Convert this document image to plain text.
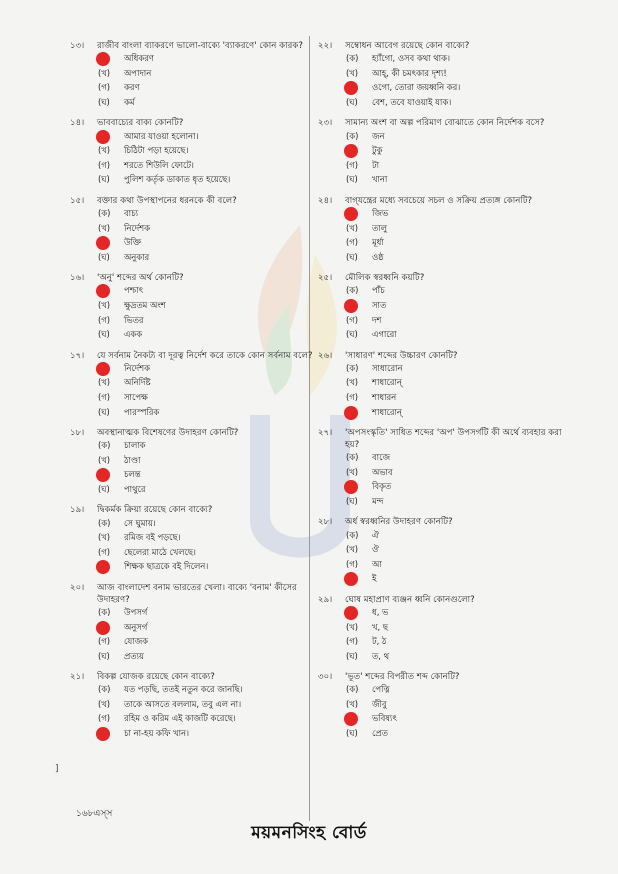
১৩।	রাজীব বাংলা ব্যাকরণে ভালো-বাক্যে 'ব্যাকরণে' কোন কারক?
অধিকরণ
(খ)	অপাদান
(গ)	করণ
(ঘ)	কর্ম
১৪।	ভাববাচ্যের বাক্য কোনটি?
আমার যাওয়া হলোনা।
(খ)	চিঠিটা পড়া হয়েছে।
(গ)	শরতে শিউলি ফোটে।
(ঘ)	পুলিশ কর্তৃক ডাকাত ধৃত হয়েছে।
১৫।	বক্তার কথা উপস্থাপনের ধরনকে কী বলে?
(ক)	বাচ্য
(খ)	নির্দেশক
উক্তি
(ঘ)	অনুকার
১৬।	'অনু' শব্দের অর্থ কোনটি?
পশ্চাৎ
(খ)	ক্ষুদ্রতম অংশ
(গ)	ভিতর
(ঘ)	একক
১৭।	যে সর্বনাম নৈকট্য বা দূরত্ব নির্দেশ করে তাকে কোন সর্বনাম বলে?
নির্দেশক
(খ)	অনির্দিষ্ট
(গ)	সাপেক্ষ
(ঘ)	পারস্পরিক
১৮।	অবস্থানাত্মক বিশেষণের উদাহরণ কোনটি?
(ক)	চালাক
(খ)	ঠাণ্ডা
চলন্ত
(ঘ)	পাথুরে
১৯।	দ্বিকর্মক ক্রিয়া রয়েছে কোন বাক্যে?
(ক)	সে ঘুমায়।
(খ)	রমিজ বই পড়ছে।
(গ)	ছেলেরা মাঠে খেলছে।
শিক্ষক ছাত্রকে বই দিলেন।
২০।	আজ বাংলাদেশ বনাম ভারতের খেলা। বাক্যে 'বনাম' কীসের উদাহরণ?
(ক)	উপসর্গ
অনুসর্গ
(গ)	যোজক
(ঘ)	প্রত্যয়
২১।	বিকল্প যোজক রয়েছে কোন বাক্যে?
(ক)	যত পড়ছি, ততই নতুন করে জানছি।
(খ)	তাকে আসতে বললাম, তবু এল না।
(গ)	রহিম ও করিম এই কাজটি করেছে।
চা না-হয় কফি খান।
২২।	সম্বোধন আবেগ রয়েছে কোন বাক্যে?
(ক)	হ্যাঁগো, ওসব কথা থাক।
(খ)	আহ্, কী চমৎকার দৃশ্য!
ওগো, তোরা জয়ধ্বনি কর।
(ঘ)	বেশ, তবে যাওয়াই যাক।
২৩।	সামান্য অংশ বা অল্প পরিমাণ বোঝাতে কোন নির্দেশক বসে?
(ক)	জন
টুকু
(গ)	টা
(ঘ)	খানা
২৪।	বাগ্‌যন্ত্রের মধ্যে সবচেয়ে সচল ও সক্রিয় প্রত্যঙ্গ কোনটি?
জিভ
(খ)	তালু
(গ)	মূর্ধা
(ঘ)	ওষ্ঠ
২৫।	মৌলিক স্বরধ্বনি কয়টি?
(ক)	পাঁচ
সাত
(গ)	দশ
(ঘ)	এগারো
২৬।	'সাধারণ' শব্দের উচ্চারণ কোনটি?
(ক)	সাধারোন
(খ)	শাধারোন্
(গ)	শাধারন
শাধারোন্
২৭।	'অপসংস্কৃতি' সাধিত শব্দের 'অপ' উপসর্গটি কী অর্থে ব্যবহার করা হয়?
(ক)	বাজে
(খ)	অভাব
বিকৃত
(ঘ)	মন্দ
২৮।	অর্ধ স্বরধ্বনির উদাহরণ কোনটি?
(ক)	ঐ
(খ)	ঔ
(গ)	আ
ই
২৯।	ঘোষ মহাপ্রাণ ব্যঞ্জন ধ্বনি কোনগুলো?
ধ, ভ
(খ)	খ, ছ
(গ)	ট, ঠ
(ঘ)	ত, থ
৩০।	'ভূত' শব্দের বিপরীত শব্দ কোনটি?
(ক)	পেত্নি
(খ)	জীবু
ভবিষ্যৎ
(ঘ)	প্রেত
]
১৬৮এস্স
ময়মনসিংহ বোর্ড
